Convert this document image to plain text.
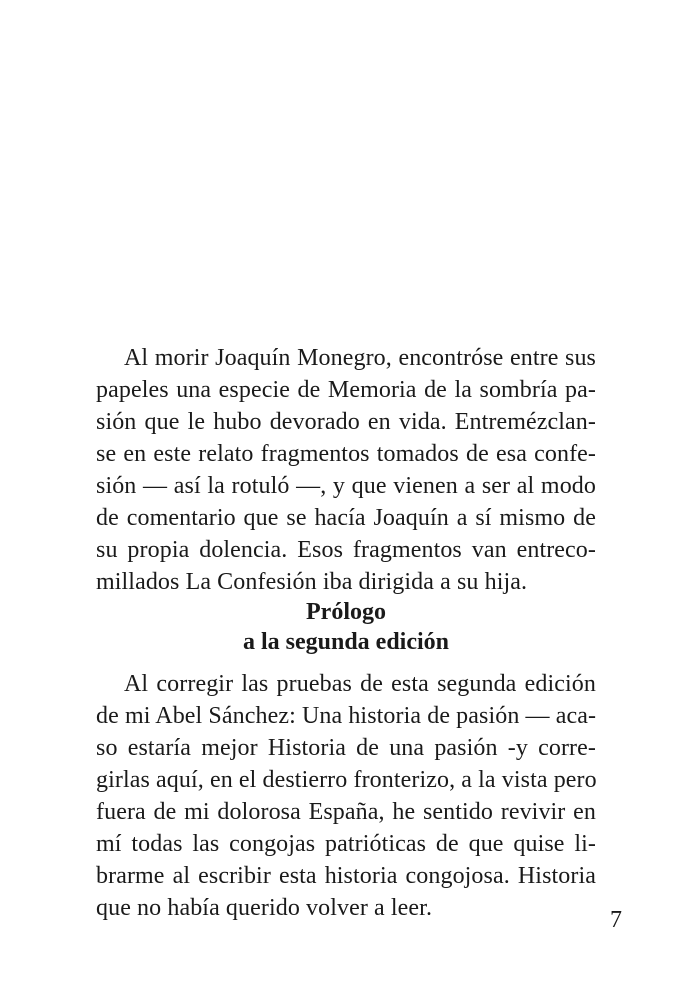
Al morir Joaquín Monegro, encontróse entre sus
papeles una especie de Memoria de la sombría pa-
sión que le hubo devorado en vida. Entremézclan-
se en este relato fragmentos tomados de esa confe-
sión — así la rotuló —, y que vienen a ser al modo
de comentario que se hacía Joaquín a sí mismo de
su propia dolencia. Esos fragmentos van entreco-
millados La Confesión iba dirigida a su hija.
Prólogo
a la segunda edición
Al corregir las pruebas de esta segunda edición
de mi Abel Sánchez: Una historia de pasión — aca-
so estaría mejor Historia de una pasión -y corre-
girlas aquí, en el destierro fronterizo, a la vista pero
fuera de mi dolorosa España, he sentido revivir en
mí todas las congojas patrióticas de que quise li-
brarme al escribir esta historia congojosa. Historia
que no había querido volver a leer.	7
